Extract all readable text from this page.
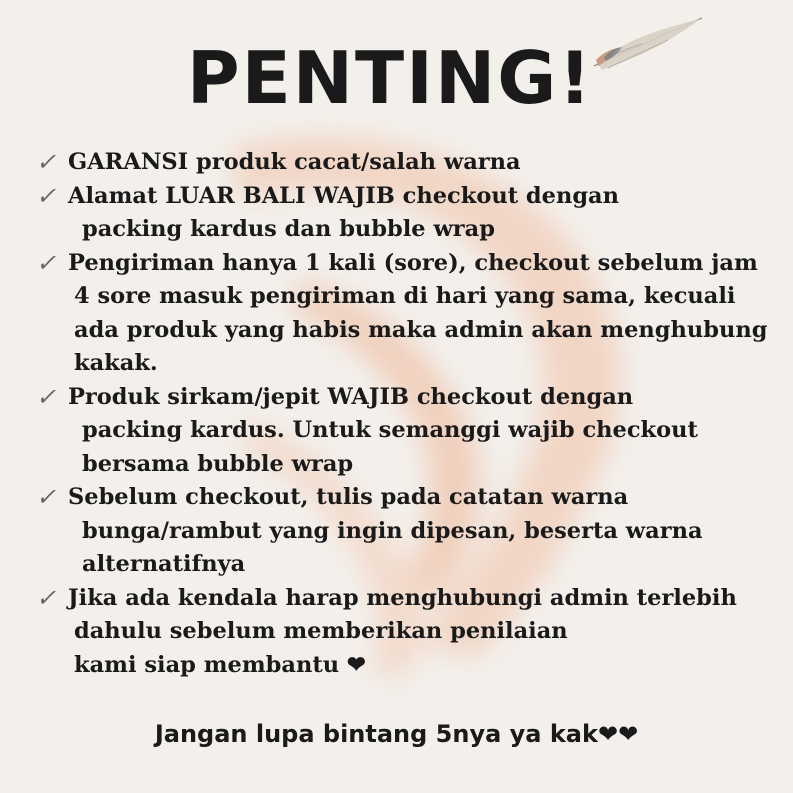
PENTING!
✓ GARANSI produk cacat/salah warna
✓ Alamat LUAR BALI WAJIB checkout dengan
packing kardus dan bubble wrap
✓ Pengiriman hanya 1 kali (sore), checkout sebelum jam
4 sore masuk pengiriman di hari yang sama, kecuali
ada produk yang habis maka admin akan menghubung
kakak.
✓ Produk sirkam/jepit WAJIB checkout dengan
packing kardus. Untuk semanggi wajib checkout
bersama bubble wrap
✓ Sebelum checkout, tulis pada catatan warna
bunga/rambut yang ingin dipesan, beserta warna
alternatifnya
✓ Jika ada kendala harap menghubungi admin terlebih
dahulu sebelum memberikan penilaian
kami siap membantu ❤
Jangan lupa bintang 5nya ya kak❤❤
